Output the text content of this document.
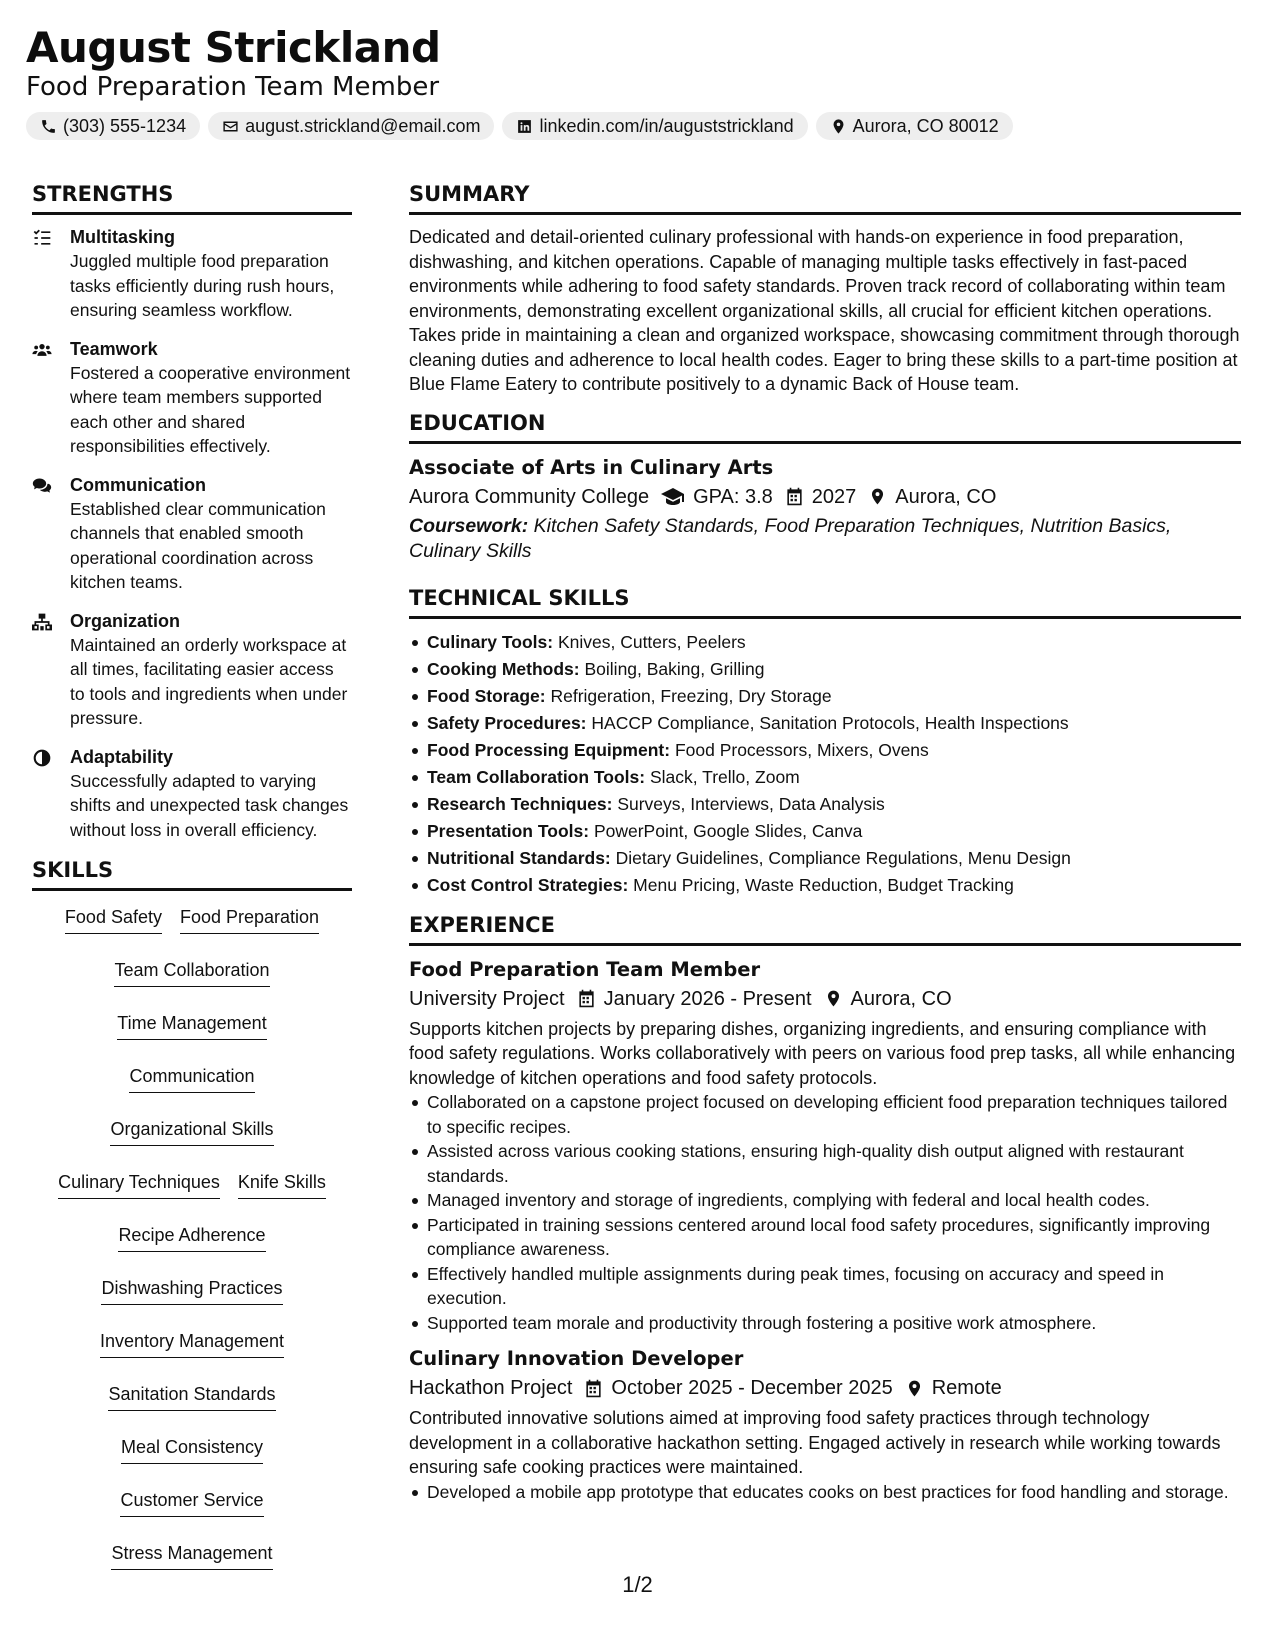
August Strickland
Food Preparation Team Member
(303) 555-1234	august.strickland@email.com	linkedin.com/in/auguststrickland	Aurora, CO 80012
STRENGTHS
Multitasking
Juggled multiple food preparation tasks efficiently during rush hours, ensuring seamless workflow.
Teamwork
Fostered a cooperative environment where team members supported each other and shared responsibilities effectively.
Communication
Established clear communication channels that enabled smooth operational coordination across kitchen teams.
Organization
Maintained an orderly workspace at all times, facilitating easier access to tools and ingredients when under pressure.
Adaptability
Successfully adapted to varying shifts and unexpected task changes without loss in overall efficiency.
SKILLS
Food Safety Food Preparation
Team Collaboration
Time Management
Communication
Organizational Skills
Culinary Techniques Knife Skills
Recipe Adherence
Dishwashing Practices
Inventory Management
Sanitation Standards
Meal Consistency
Customer Service
Stress Management
SUMMARY
Dedicated and detail-oriented culinary professional with hands-on experience in food preparation, dishwashing, and kitchen operations. Capable of managing multiple tasks effectively in fast-paced environments while adhering to food safety standards. Proven track record of collaborating within team environments, demonstrating excellent organizational skills, all crucial for efficient kitchen operations. Takes pride in maintaining a clean and organized workspace, showcasing commitment through thorough cleaning duties and adherence to local health codes. Eager to bring these skills to a part-time position at Blue Flame Eatery to contribute positively to a dynamic Back of House team.
EDUCATION
Associate of Arts in Culinary Arts
Aurora Community College GPA: 3.8 2027 Aurora, CO
Coursework: Kitchen Safety Standards, Food Preparation Techniques, Nutrition Basics, Culinary Skills
TECHNICAL SKILLS
Culinary Tools: Knives, Cutters, Peelers
Cooking Methods: Boiling, Baking, Grilling
Food Storage: Refrigeration, Freezing, Dry Storage
Safety Procedures: HACCP Compliance, Sanitation Protocols, Health Inspections
Food Processing Equipment: Food Processors, Mixers, Ovens
Team Collaboration Tools: Slack, Trello, Zoom
Research Techniques: Surveys, Interviews, Data Analysis
Presentation Tools: PowerPoint, Google Slides, Canva
Nutritional Standards: Dietary Guidelines, Compliance Regulations, Menu Design
Cost Control Strategies: Menu Pricing, Waste Reduction, Budget Tracking
EXPERIENCE
Food Preparation Team Member
University Project January 2026 - Present Aurora, CO
Supports kitchen projects by preparing dishes, organizing ingredients, and ensuring compliance with food safety regulations. Works collaboratively with peers on various food prep tasks, all while enhancing knowledge of kitchen operations and food safety protocols.
Collaborated on a capstone project focused on developing efficient food preparation techniques tailored to specific recipes.
Assisted across various cooking stations, ensuring high-quality dish output aligned with restaurant standards.
Managed inventory and storage of ingredients, complying with federal and local health codes.
Participated in training sessions centered around local food safety procedures, significantly improving compliance awareness.
Effectively handled multiple assignments during peak times, focusing on accuracy and speed in execution.
Supported team morale and productivity through fostering a positive work atmosphere.
Culinary Innovation Developer
Hackathon Project October 2025 - December 2025 Remote
Contributed innovative solutions aimed at improving food safety practices through technology development in a collaborative hackathon setting. Engaged actively in research while working towards ensuring safe cooking practices were maintained.
Developed a mobile app prototype that educates cooks on best practices for food handling and storage.
1/2
